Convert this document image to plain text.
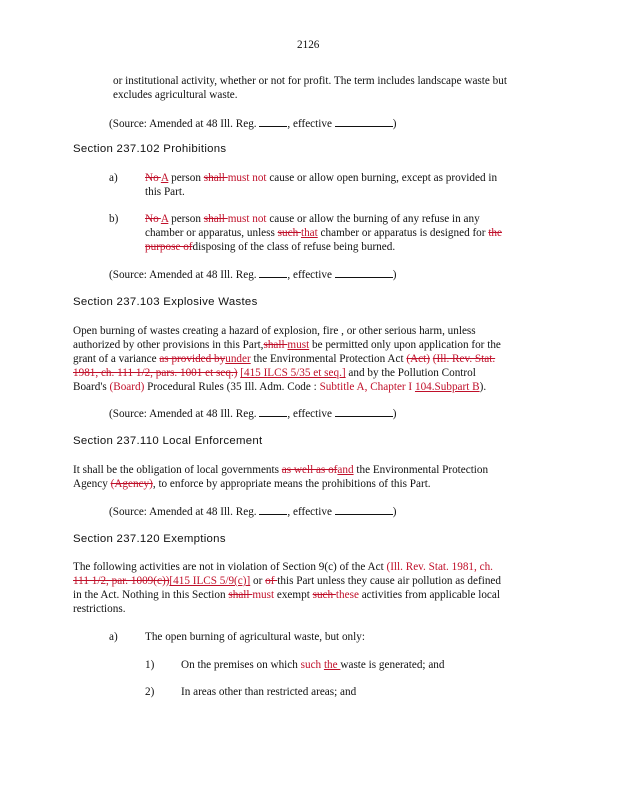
2126
or institutional activity, whether or not for profit. The term includes landscape waste but
excludes agricultural waste.
(Source: Amended at 48 Ill. Reg.	, effective	)
Section 237.102 Prohibitions
a) No A person shall must not cause or allow open burning, except as provided in
this Part.
b) No A person shall must not cause or allow the burning of any refuse in any
chamber or apparatus, unless such that chamber or apparatus is designed for the
purpose ofdisposing of the class of refuse being burned.
(Source: Amended at 48 Ill. Reg.	, effective	)
Section 237.103 Explosive Wastes
Open burning of wastes creating a hazard of explosion, fire , or other serious harm, unless
authorized by other provisions in this Part,shall must be permitted only upon application for the
grant of a variance as provided byunder the Environmental Protection Act (Act) (Ill. Rev. Stat.
1981, ch. 111 1/2, pars. 1001 et seq.) [415 ILCS 5/35 et seq.] and by the Pollution Control
Board's (Board) Procedural Rules (35 Ill. Adm. Code : Subtitle A, Chapter I 104.Subpart B).
(Source: Amended at 48 Ill. Reg.	, effective	)
Section 237.110 Local Enforcement
It shall be the obligation of local governments as well as ofand the Environmental Protection
Agency (Agency), to enforce by appropriate means the prohibitions of this Part.
(Source: Amended at 48 Ill. Reg.	, effective	)
Section 237.120 Exemptions
The following activities are not in violation of Section 9(c) of the Act (Ill. Rev. Stat. 1981, ch.
111 1/2, par. 1009(c))[415 ILCS 5/9(c)] or of this Part unless they cause air pollution as defined
in the Act. Nothing in this Section shall must exempt such these activities from applicable local
restrictions.
a) The open burning of agricultural waste, but only:
1) On the premises on which such the waste is generated; and
2) In areas other than restricted areas; and
